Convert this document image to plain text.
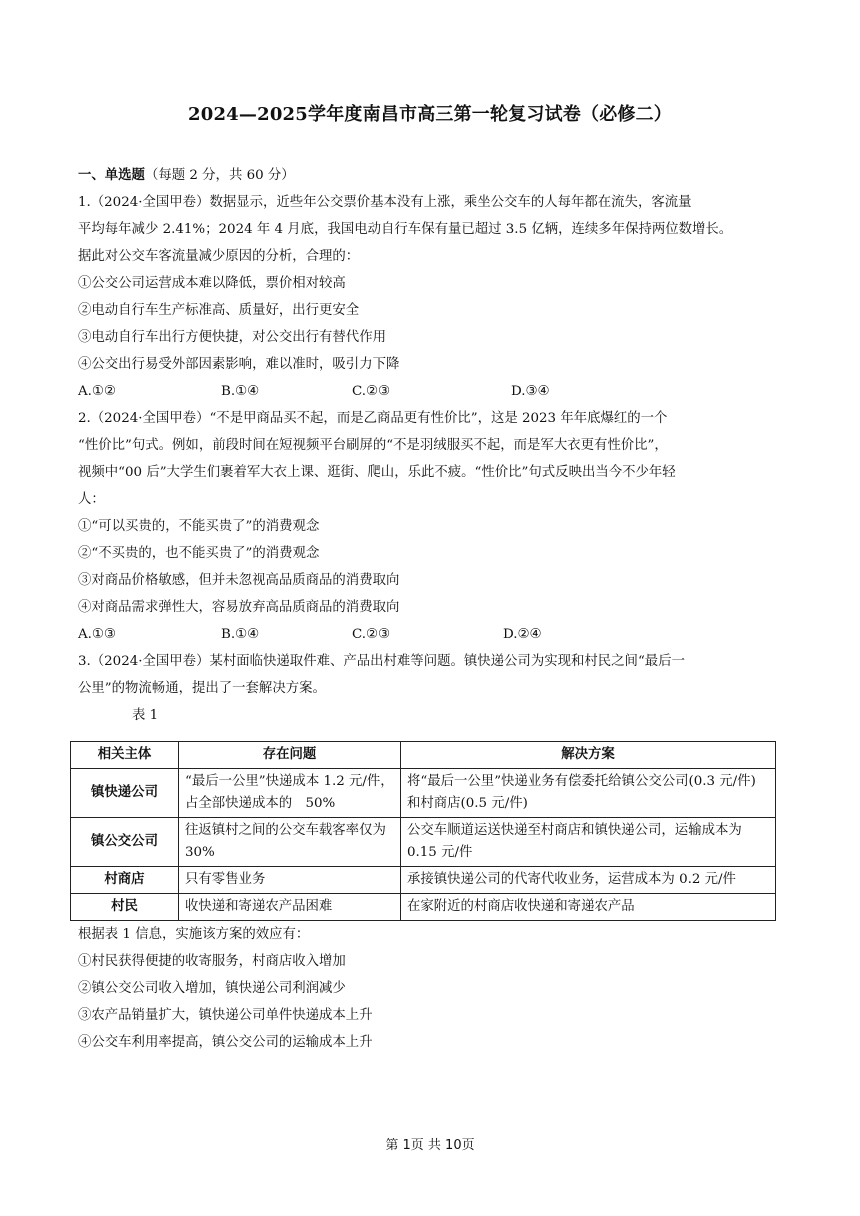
2024—2025学年度南昌市高三第一轮复习试卷（必修二）
一、单选题（每题 2 分，共 60 分）
1.（2024·全国甲卷）数据显示，近些年公交票价基本没有上涨，乘坐公交车的人每年都在流失，客流量
平均每年减少 2.41%；2024 年 4 月底，我国电动自行车保有量已超过 3.5 亿辆，连续多年保持两位数增长。
据此对公交车客流量减少原因的分析，合理的：
①公交公司运营成本难以降低，票价相对较高
②电动自行车生产标准高、质量好，出行更安全
③电动自行车出行方便快捷，对公交出行有替代作用
④公交出行易受外部因素影响，难以准时，吸引力下降
A.①②	B.①④	C.②③	D.③④
2.（2024·全国甲卷）“不是甲商品买不起，而是乙商品更有性价比”，这是 2023 年年底爆红的一个
“性价比”句式。例如，前段时间在短视频平台刷屏的“不是羽绒服买不起，而是军大衣更有性价比”，
视频中“00 后”大学生们裹着军大衣上课、逛街、爬山，乐此不疲。“性价比”句式反映出当今不少年轻
人：
①“可以买贵的，不能买贵了”的消费观念
②“不买贵的，也不能买贵了”的消费观念
③对商品价格敏感，但并未忽视高品质商品的消费取向
④对商品需求弹性大，容易放弃高品质商品的消费取向
A.①③	B.①④	C.②③	D.②④
3.（2024·全国甲卷）某村面临快递取件难、产品出村难等问题。镇快递公司为实现和村民之间“最后一
公里”的物流畅通，提出了一套解决方案。
表 1
相关主体	存在问题	解决方案
镇快递公司	“最后一公里”快递成本 1.2 元/件，占全部快递成本的　50%	将“最后一公里”快递业务有偿委托给镇公交公司(0.3 元/件)和村商店(0.5 元/件)
镇公交公司	往返镇村之间的公交车载客率仅为 30%	公交车顺道运送快递至村商店和镇快递公司，运输成本为 0.15 元/件
村商店	只有零售业务	承接镇快递公司的代寄代收业务，运营成本为 0.2 元/件
村民	收快递和寄递农产品困难	在家附近的村商店收快递和寄递农产品
根据表 1 信息，实施该方案的效应有：
①村民获得便捷的收寄服务，村商店收入增加
②镇公交公司收入增加，镇快递公司利润减少
③农产品销量扩大，镇快递公司单件快递成本上升
④公交车利用率提高，镇公交公司的运输成本上升
第 1页 共 10页
